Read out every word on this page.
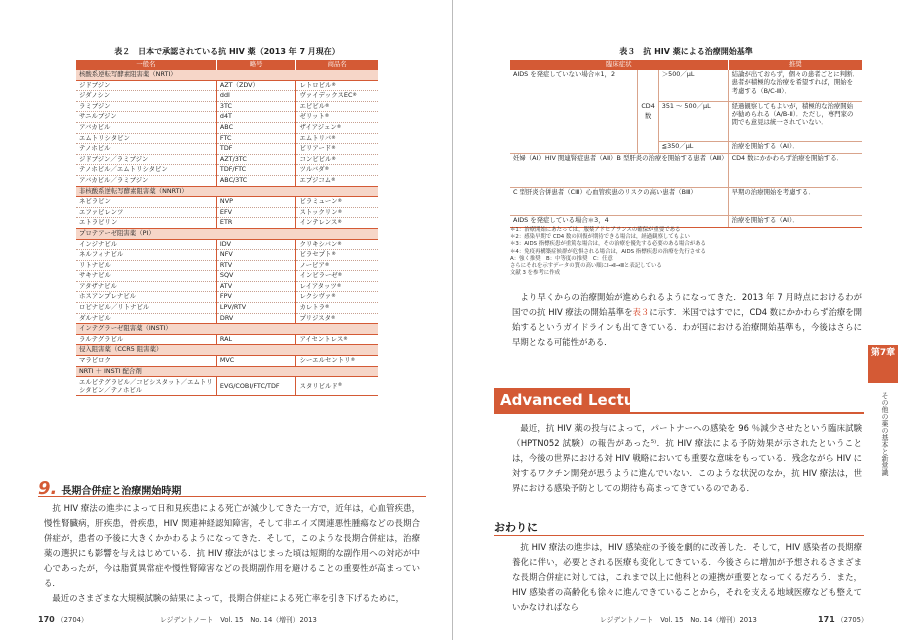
表２　日本で承認されている抗 HIV 薬（2013 年 7 月現在）
一般名	略号	商品名
核酸系逆転写酵素阻害薬（NRTI）		
ジドブジン	AZT（ZDV）	レトロビル®
ジダノシン	ddI	ヴァイデックスEC®
ラミブジン	3TC	エピビル®
サニルブジン	d4T	ゼリット®
アバカビル	ABC	ザイアジェン®
エムトリシタビン	FTC	エムトリバ®
テノホビル	TDF	ビリアード®
ジドブジン／ラミブジン	AZT/3TC	コンビビル®
テノホビル／エムトリシタビン	TDF/FTC	ツルバダ®
アバカビル／ラミブジン	ABC/3TC	エプジコム®
非核酸系逆転写酵素阻害薬（NNRTI）		
ネビラピン	NVP	ビラミューン®
エファビレンツ	EFV	ストックリン®
エトラビリン	ETR	インテレンス®
プロテアーゼ阻害薬（PI）		
インジナビル	IDV	クリキシバン®
ネルフィナビル	NFV	ビラセプト®
リトナビル	RTV	ノービア®
サキナビル	SQV	インビラーゼ®
アタザナビル	ATV	レイアタッツ®
ホスアンプレナビル	FPV	レクシヴァ®
ロピナビル／リトナビル	LPV/RTV	カレトラ®
ダルナビル	DRV	プリジスタ®
インテグラーゼ阻害薬（INSTI）		
ラルテグラビル	RAL	アイセントレス®
侵入阻害薬（CCR5 阻害薬）		
マラビロク	MVC	シーエルセントリ®
NRTI ＋ INSTI 配合剤		
エルビテグラビル／コビシスタット／エムトリシタビン／テノホビル	EVG/COBI/FTC/TDF	スタリビルド®
9. 長期合併症と治療開始時期

抗 HIV 療法の進歩によって日和見疾患による死亡が減少してきた一方で，近年は，心血管疾患，慢性腎臓病，肝疾患，骨疾患，HIV 関連神経認知障害，そして非エイズ関連悪性腫瘍などの長期合併症が，患者の予後に大きくかかわるようになってきた．そして，このような長期合併症は，治療薬の選択にも影響を与えはじめている．抗 HIV 療法がはじまった頃は短期的な副作用への対応が中心であったが，今は脂質異常症や慢性腎障害などの長期副作用を避けることの重要性が高まっている．

最近のさまざまな大規模試験の結果によって，長期合併症による死亡率を引き下げるために，

170 （2704）	レジデントノート　Vol. 15　No. 14（増刊）2013
表３　抗 HIV 薬による治療開始基準
臨床症状			推奨
AIDS を発症していない場合＊1，2	CD4数	＞500／μL	結論が出ておらず，個々の患者ごとに判断．患者が積極的な治療を希望すれば，開始を考慮する（B/C-Ⅲ）．
		351 〜 500／μL	経過観察してもよいが，積極的な治療開始が勧められる（A/B-Ⅱ）．ただし，専門家の間でも意見は統一されていない．
		≦350／μL	治療を開始する（AⅠ）．
妊婦（AⅠ）HIV 関連腎症患者（AⅡ）B 型肝炎の治療を開始する患者（AⅢ）			CD4 数にかかわらず治療を開始する．
C 型肝炎合併患者（CⅢ）心血管疾患のリスクの高い患者（BⅢ）			早期の治療開始を考慮する．
AIDS を発症している場合＊3，4			治療を開始する（AⅠ）．
＊1：治療開始にあたっては，服薬アドヒアランスの確保が重要である
＊2：感染早期で CD4 数の回復が期待できる場合は，経過観察してもよい
＊3：AIDS 指標疾患が重篤な場合は，その治療を優先する必要のある場合がある
＊4：免疫再構築症候群が危惧される場合は，AIDS 指標疾患の治療を先行させる
A：強く推奨　B：中等度の推奨　C：任意
さらにそれを示すデータの質の高い順にⅠ→Ⅱ→Ⅲと表記している
文献 3 を参考に作成

より早くからの治療開始が進められるようになってきた．2013 年 7 月時点におけるわが国での抗 HIV 療法の開始基準を表３に示す．米国ではすでに，CD4 数にかかわらず治療を開始するというガイドラインも出てきている．わが国における治療開始基準も，今後はさらに早期となる可能性がある．

Advanced Lecture

最近，抗 HIV 薬の投与によって，パートナーへの感染を 96 ％減少させたという臨床試験（HPTN052 試験）の報告があった⁵⁾．抗 HIV 療法による予防効果が示されたということは，今後の世界における対 HIV 戦略においても重要な意味をもっている．残念ながら HIV に対するワクチン開発が思うように進んでいない．このような状況のなか，抗 HIV 療法は，世界における感染予防としての期待も高まってきているのである．

おわりに

抗 HIV 療法の進歩は，HIV 感染症の予後を劇的に改善した．そして，HIV 感染者の長期療養化に伴い，必要とされる医療も変化してきている．今後さらに増加が予想されるさまざまな長期合併症に対しては，これまで以上に他科との連携が重要となってくるだろう．また，HIV 感染者の高齢化も徐々に進んできていることから，それを支える地域医療なども整えていかなければなら

第7章
その他の薬の基本と新常識
レジデントノート　Vol. 15　No. 14（増刊）2013	171 （2705）
